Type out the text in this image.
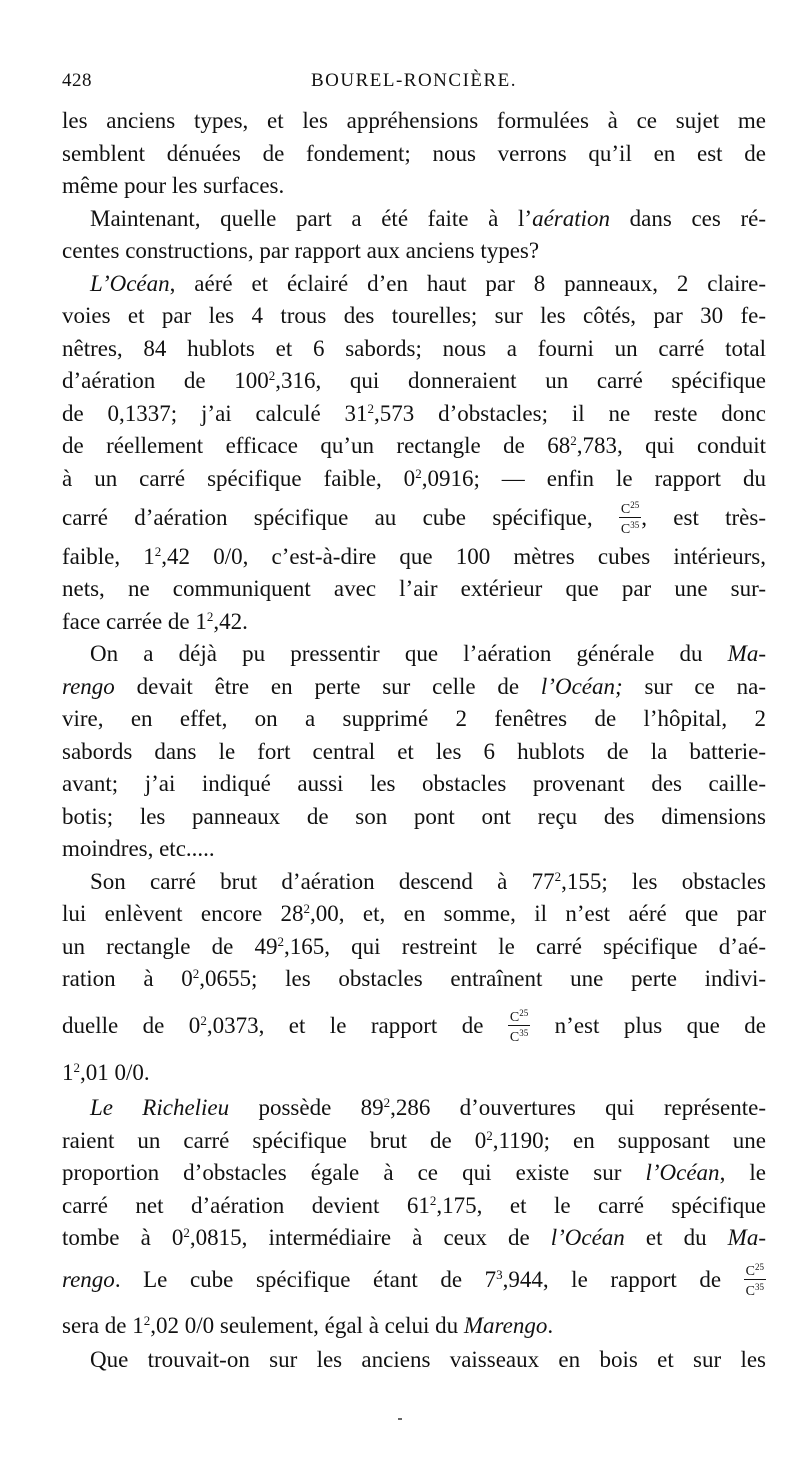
428	BOUREL-RONCIÈRE.
les anciens types, et les appréhensions formulées à ce sujet me
semblent dénuées de fondement; nous verrons qu’il en est de
même pour les surfaces.
Maintenant, quelle part a été faite à l’aération dans ces ré-
centes constructions, par rapport aux anciens types?
L’Océan, aéré et éclairé d’en haut par 8 panneaux, 2 claire-
voies et par les 4 trous des tourelles; sur les côtés, par 30 fe-
nêtres, 84 hublots et 6 sabords; nous a fourni un carré total
d’aération de $100^2,316$, qui donneraient un carré spécifique
de 0,1337; j’ai calculé $31^2,573$ d’obstacles; il ne reste donc
de réellement efficace qu’un rectangle de $68^2,783$, qui conduit
à un carré spécifique faible, $0^2,0916$; — enfin le rapport du
carré d’aération spécifique au cube spécifique, $\frac{C^{25}}{C^{35}}$ , est très-
faible, $1^2,42$ 0/0, c’est-à-dire que 100 mètres cubes intérieurs,
nets, ne communiquent avec l’air extérieur que par une sur-
face carrée de $1^2,42$.
On a déjà pu pressentir que l’aération générale du Ma-
rengo devait être en perte sur celle de l’Océan; sur ce na-
vire, en effet, on a supprimé 2 fenêtres de l’hôpital, 2
sabords dans le fort central et les 6 hublots de la batterie-
avant; j’ai indiqué aussi les obstacles provenant des caille-
botis; les panneaux de son pont ont reçu des dimensions
moindres, etc.....
Son carré brut d’aération descend à $77^2,155$; les obstacles
lui enlèvent encore $28^2,00$, et, en somme, il n’est aéré que par
un rectangle de $49^2,165$, qui restreint le carré spécifique d’aé-
ration à $0^2,0655$; les obstacles entraînent une perte indivi-
duelle de $0^2,0373$, et le rapport de $\frac{C^{25}}{C^{35}}$ n’est plus que de
$1^2,01$ 0/0.
Le Richelieu possède $89^2,286$ d’ouvertures qui représente-
raient un carré spécifique brut de $0^2,1190$; en supposant une
proportion d’obstacles égale à ce qui existe sur l’Océan, le
carré net d’aération devient $61^2,175$, et le carré spécifique
tombe à $0^2,0815$, intermédiaire à ceux de l’Océan et du Ma-
rengo. Le cube spécifique étant de $7^3,944$, le rapport de $\frac{C^{25}}{C^{35}}$
sera de $1^2,02$ 0/0 seulement, égal à celui du Marengo.
Que trouvait-on sur les anciens vaisseaux en bois et sur les
